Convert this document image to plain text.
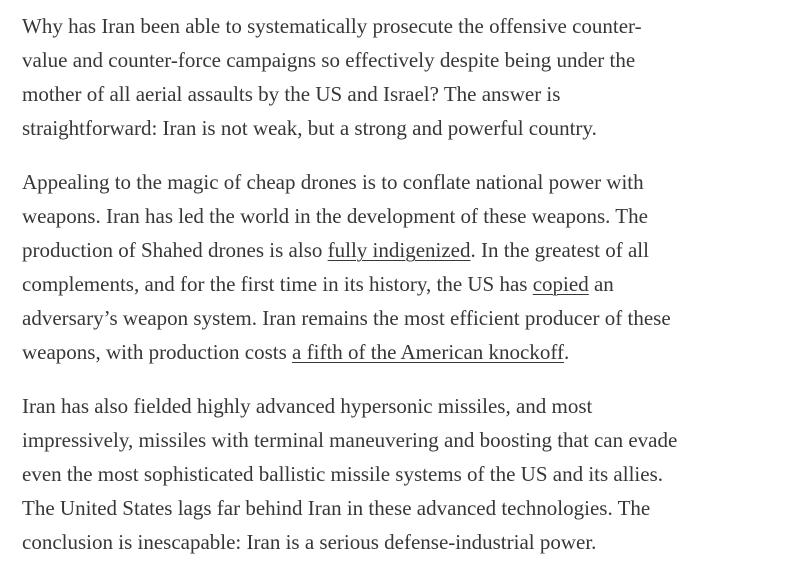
Why has Iran been able to systematically prosecute the offensive counter-
value and counter-force campaigns so effectively despite being under the
mother of all aerial assaults by the US and Israel? The answer is
straightforward: Iran is not weak, but a strong and powerful country.

Appealing to the magic of cheap drones is to conflate national power with
weapons. Iran has led the world in the development of these weapons. The
production of Shahed drones is also fully indigenized. In the greatest of all
complements, and for the first time in its history, the US has copied an
adversary’s weapon system. Iran remains the most efficient producer of these
weapons, with production costs a fifth of the American knockoff.

Iran has also fielded highly advanced hypersonic missiles, and most
impressively, missiles with terminal maneuvering and boosting that can evade
even the most sophisticated ballistic missile systems of the US and its allies.
The United States lags far behind Iran in these advanced technologies. The
conclusion is inescapable: Iran is a serious defense-industrial power.
